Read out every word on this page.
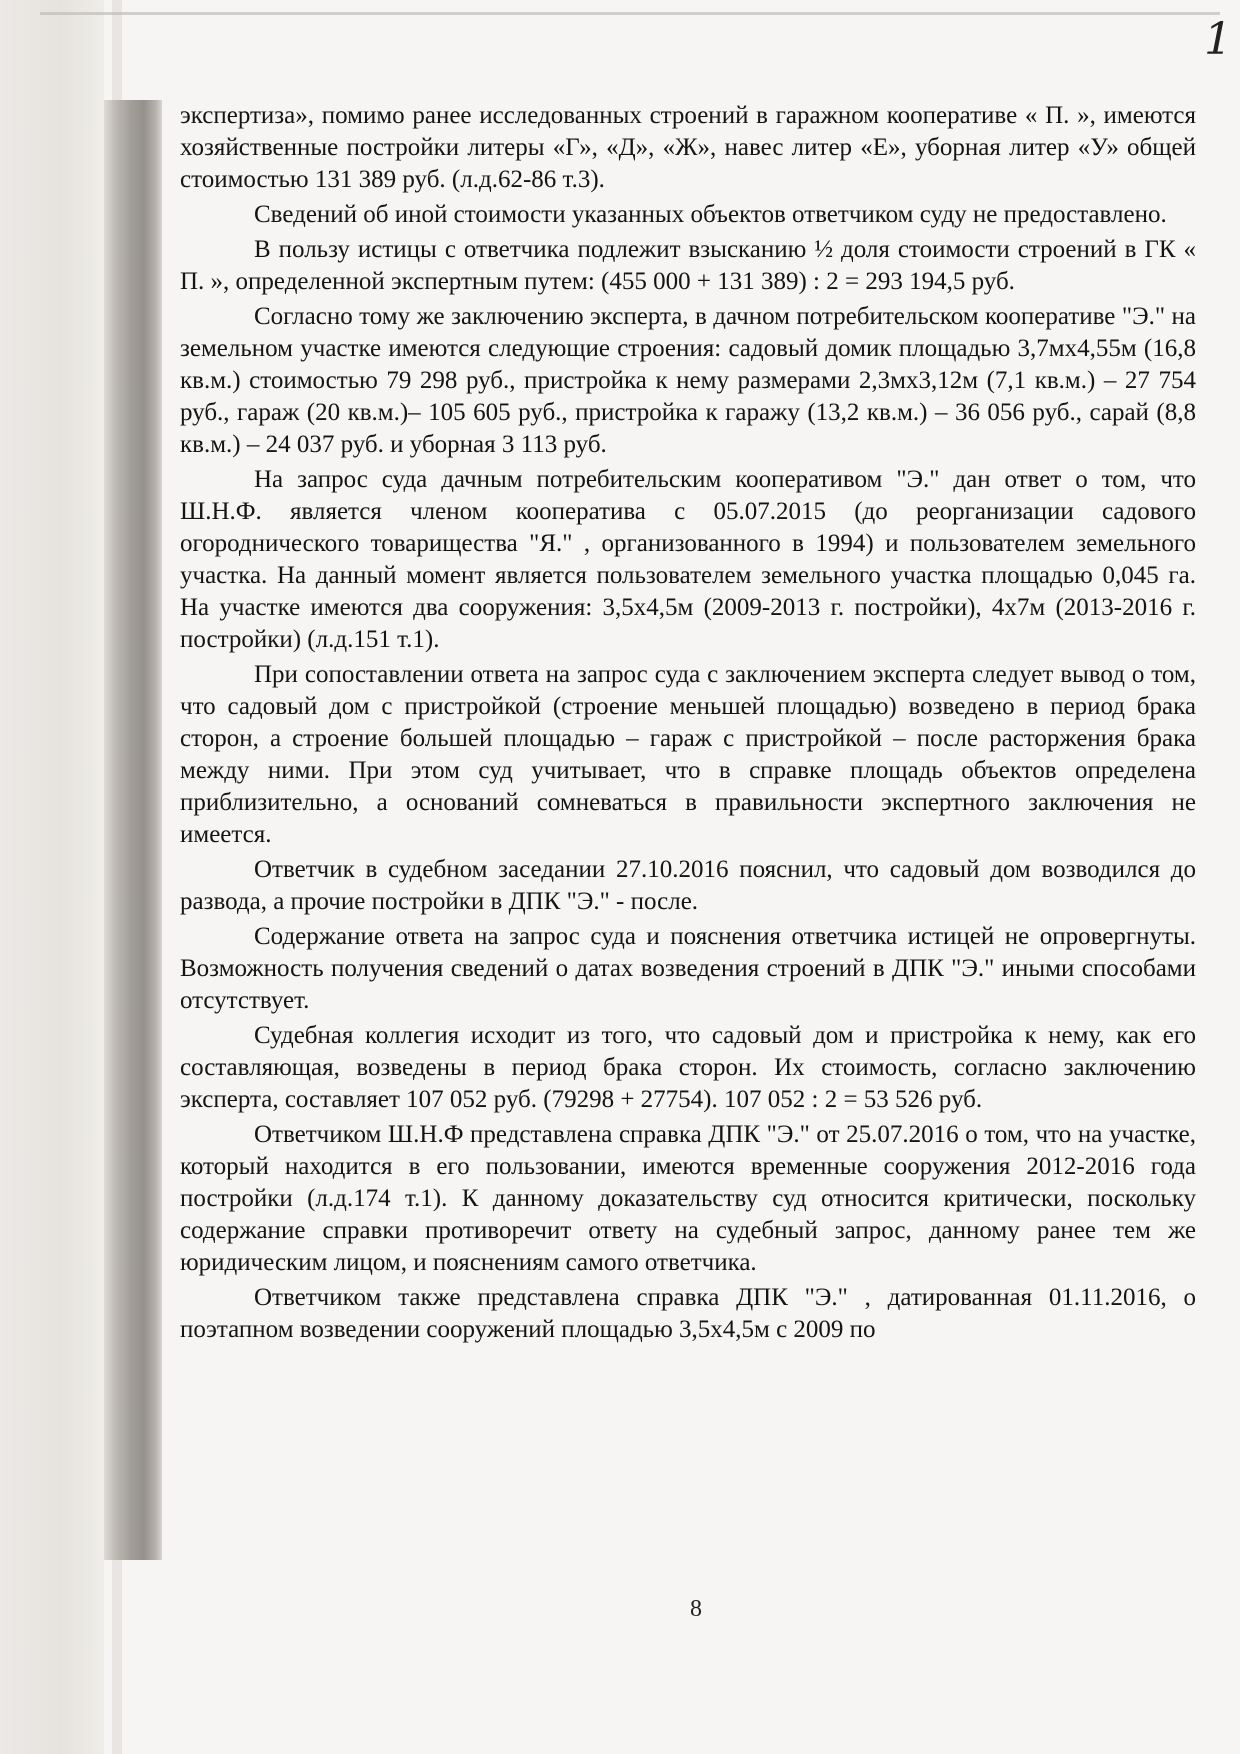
1

экспертиза», помимо ранее исследованных строений в гаражном кооперативе « П. », имеются хозяйственные постройки литеры «Г», «Д», «Ж», навес литер «Е», уборная литер «У» общей стоимостью 131 389 руб. (л.д.62-86 т.3).

Сведений об иной стоимости указанных объектов ответчиком суду не предоставлено.

В пользу истицы с ответчика подлежит взысканию ½ доля стоимости строений в ГК « П. », определенной экспертным путем: (455 000 + 131 389) : 2 = 293 194,5 руб.

Согласно тому же заключению эксперта, в дачном потребительском кооперативе "Э." на земельном участке имеются следующие строения: садовый домик площадью 3,7мх4,55м (16,8 кв.м.) стоимостью 79 298 руб., пристройка к нему размерами 2,3мх3,12м (7,1 кв.м.) – 27 754 руб., гараж (20 кв.м.)– 105 605 руб., пристройка к гаражу (13,2 кв.м.) – 36 056 руб., сарай (8,8 кв.м.) – 24 037 руб. и уборная 3 113 руб.

На запрос суда дачным потребительским кооперативом "Э." дан ответ о том, что Ш.Н.Ф. является членом кооператива с 05.07.2015 (до реорганизации садового огороднического товарищества "Я." , организованного в 1994) и пользователем земельного участка. На данный момент является пользователем земельного участка площадью 0,045 га. На участке имеются два сооружения: 3,5х4,5м (2009-2013 г. постройки), 4х7м (2013-2016 г. постройки) (л.д.151 т.1).

При сопоставлении ответа на запрос суда с заключением эксперта следует вывод о том, что садовый дом с пристройкой (строение меньшей площадью) возведено в период брака сторон, а строение большей площадью – гараж с пристройкой – после расторжения брака между ними. При этом суд учитывает, что в справке площадь объектов определена приблизительно, а оснований сомневаться в правильности экспертного заключения не имеется.

Ответчик в судебном заседании 27.10.2016 пояснил, что садовый дом возводился до развода, а прочие постройки в ДПК "Э." - после.

Содержание ответа на запрос суда и пояснения ответчика истицей не опровергнуты. Возможность получения сведений о датах возведения строений в ДПК "Э." иными способами отсутствует.

Судебная коллегия исходит из того, что садовый дом и пристройка к нему, как его составляющая, возведены в период брака сторон. Их стоимость, согласно заключению эксперта, составляет 107 052 руб. (79298 + 27754). 107 052 : 2 = 53 526 руб.

Ответчиком Ш.Н.Ф представлена справка ДПК "Э." от 25.07.2016 о том, что на участке, который находится в его пользовании, имеются временные сооружения 2012-2016 года постройки (л.д.174 т.1). К данному доказательству суд относится критически, поскольку содержание справки противоречит ответу на судебный запрос, данному ранее тем же юридическим лицом, и пояснениям самого ответчика.

Ответчиком также представлена справка ДПК "Э." , датированная 01.11.2016, о поэтапном возведении сооружений площадью 3,5х4,5м с 2009 по

8
